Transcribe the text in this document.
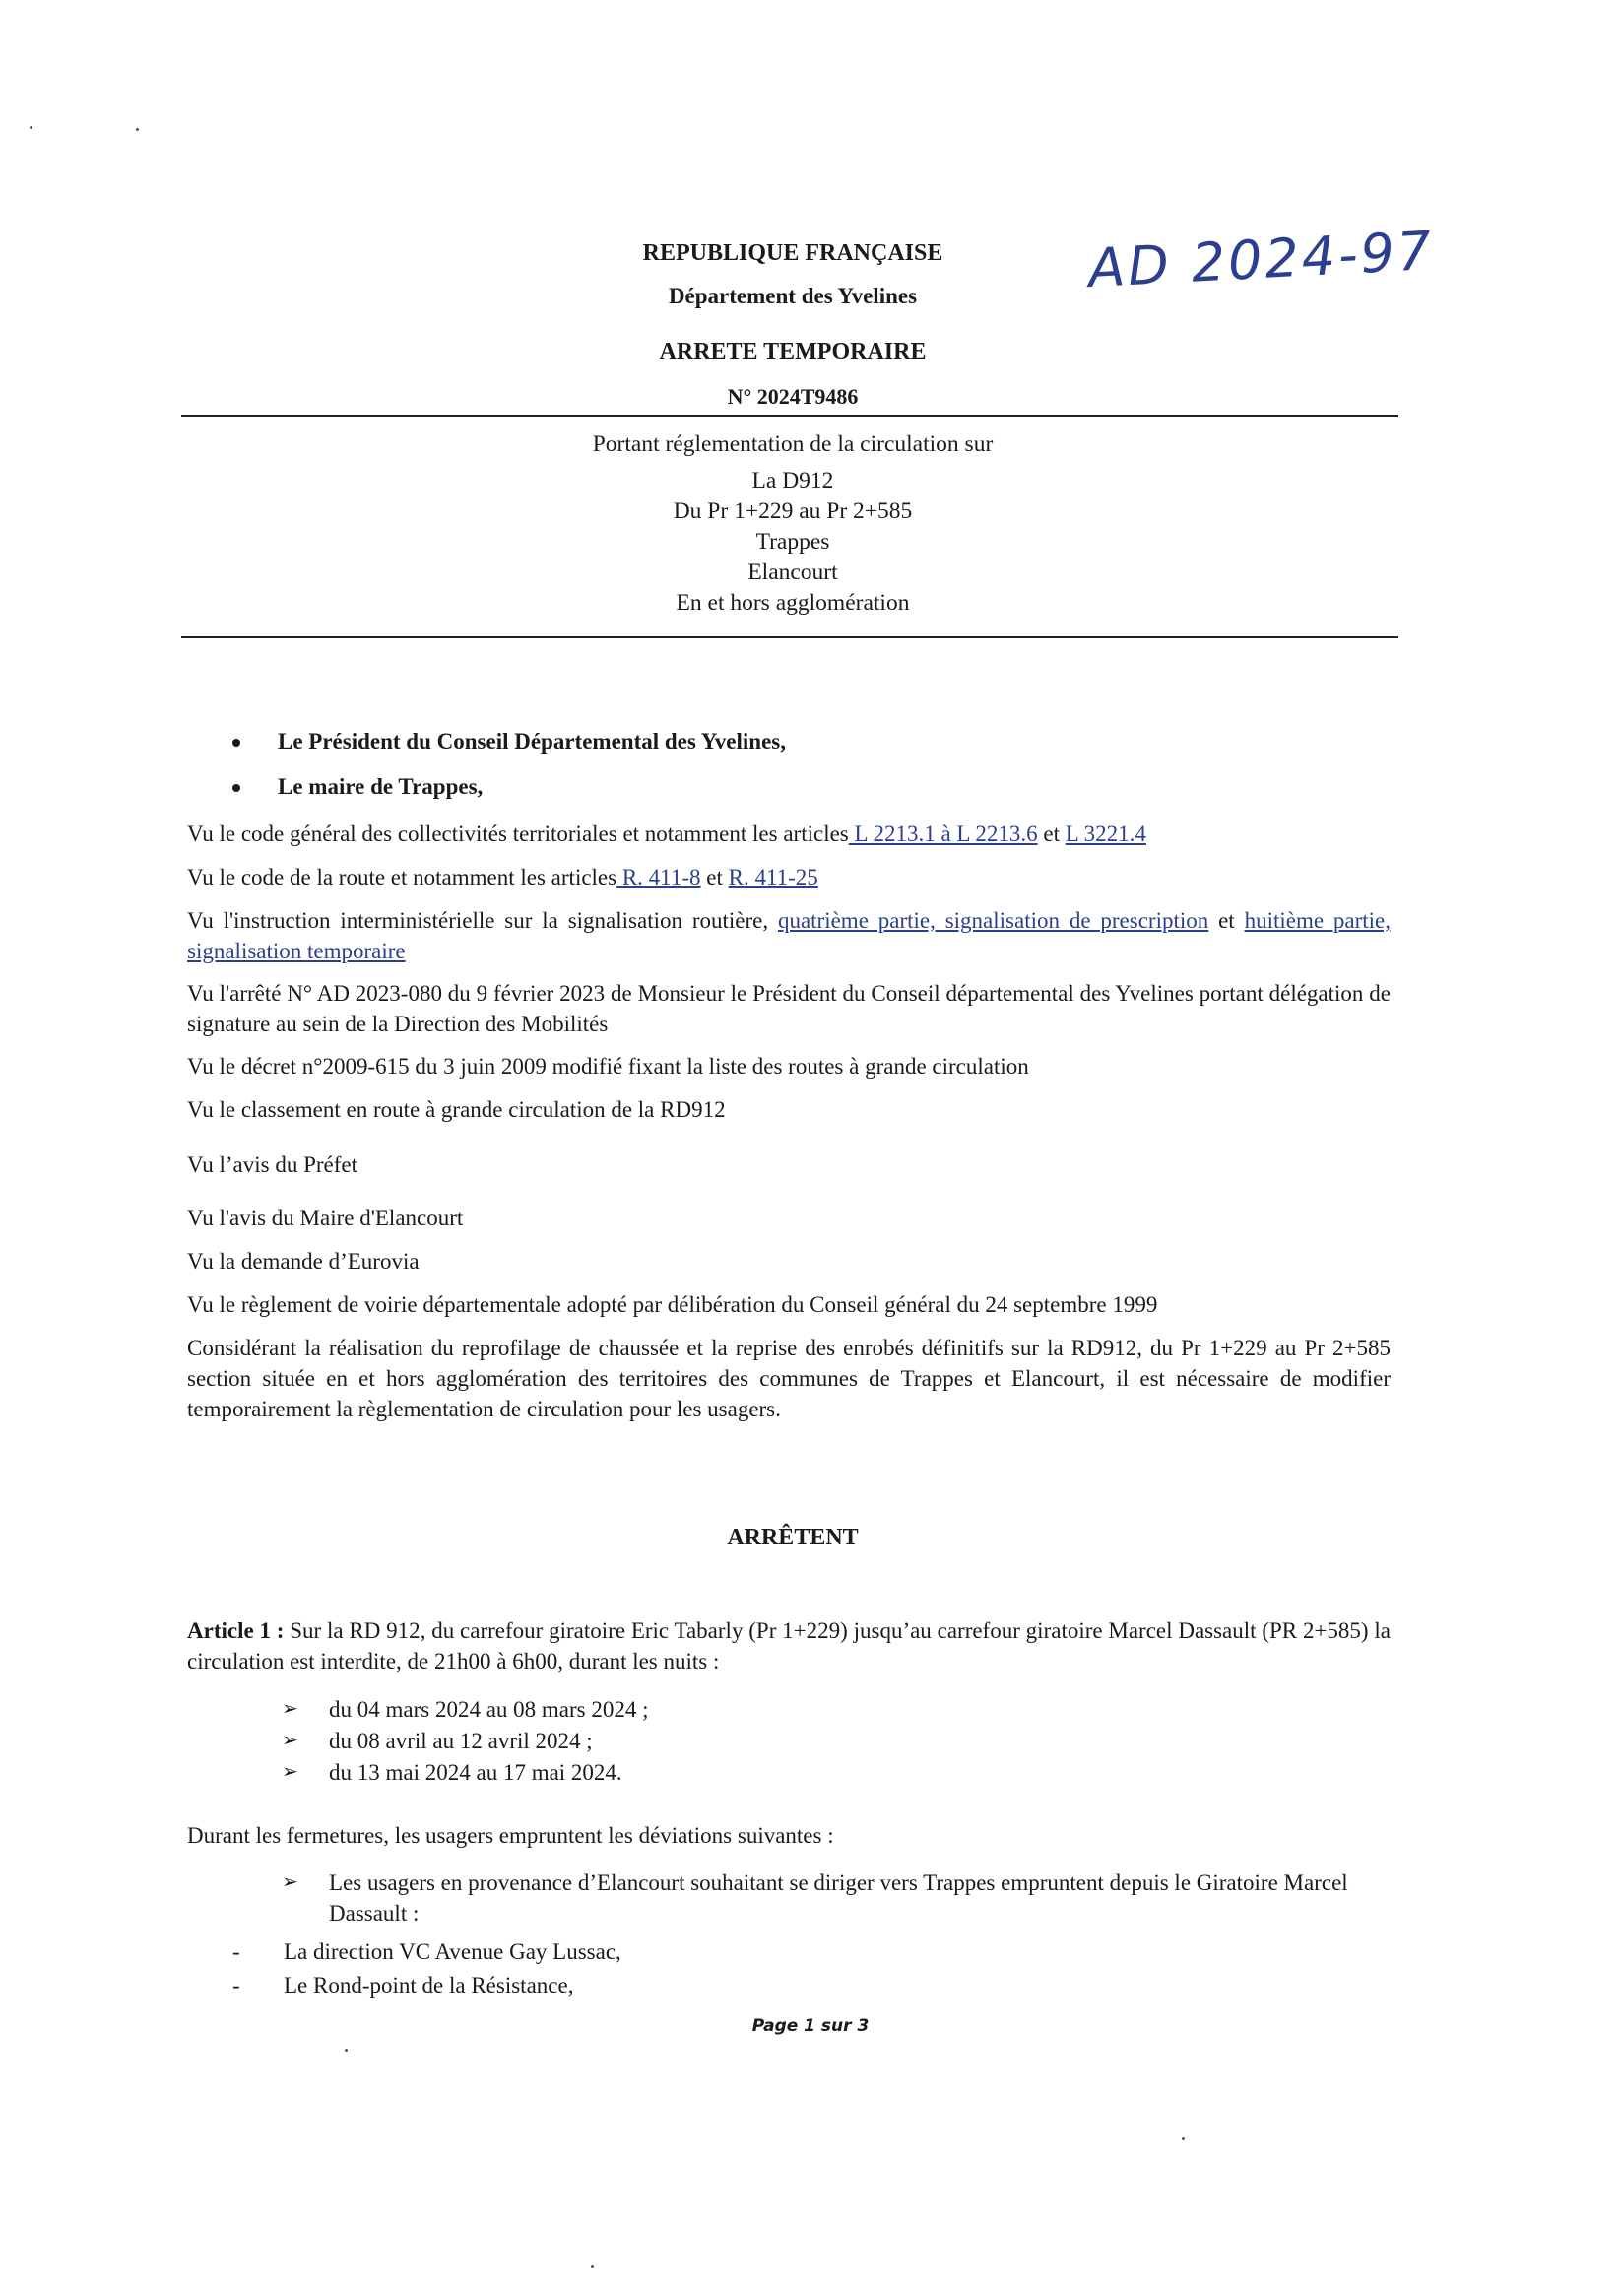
REPUBLIQUE FRANÇAISE
Département des Yvelines
ARRETE TEMPORAIRE
N° 2024T9486
AD 2024-97
Portant réglementation de la circulation sur
La D912
Du Pr 1+229 au Pr 2+585
Trappes
Elancourt
En et hors agglomération
Le Président du Conseil Départemental des Yvelines,
Le maire de Trappes,
Vu le code général des collectivités territoriales et notamment les articles L 2213.1 à L 2213.6 et L 3221.4
Vu le code de la route et notamment les articles R. 411-8 et R. 411-25
Vu l'instruction interministérielle sur la signalisation routière, quatrième partie, signalisation de prescription et huitième partie, signalisation temporaire
Vu l'arrêté N° AD 2023-080 du 9 février 2023 de Monsieur le Président du Conseil départemental des Yvelines portant délégation de signature au sein de la Direction des Mobilités
Vu le décret n°2009-615 du 3 juin 2009 modifié fixant la liste des routes à grande circulation
Vu le classement en route à grande circulation de la RD912
Vu l’avis du Préfet
Vu l'avis du Maire d'Elancourt
Vu la demande d’Eurovia
Vu le règlement de voirie départementale adopté par délibération du Conseil général du 24 septembre 1999
Considérant la réalisation du reprofilage de chaussée et la reprise des enrobés définitifs sur la RD912, du Pr 1+229 au Pr 2+585 section située en et hors agglomération des territoires des communes de Trappes et Elancourt, il est nécessaire de modifier temporairement la règlementation de circulation pour les usagers.
ARRÊTENT
Article 1 : Sur la RD 912, du carrefour giratoire Eric Tabarly (Pr 1+229) jusqu’au carrefour giratoire Marcel Dassault (PR 2+585) la circulation est interdite, de 21h00 à 6h00, durant les nuits :
➢ du 04 mars 2024 au 08 mars 2024 ;
➢ du 08 avril au 12 avril 2024 ;
➢ du 13 mai 2024 au 17 mai 2024.
Durant les fermetures, les usagers empruntent les déviations suivantes :
➢ Les usagers en provenance d’Elancourt souhaitant se diriger vers Trappes empruntent depuis le Giratoire Marcel Dassault :
- La direction VC Avenue Gay Lussac,
- Le Rond-point de la Résistance,
Page 1 sur 3
